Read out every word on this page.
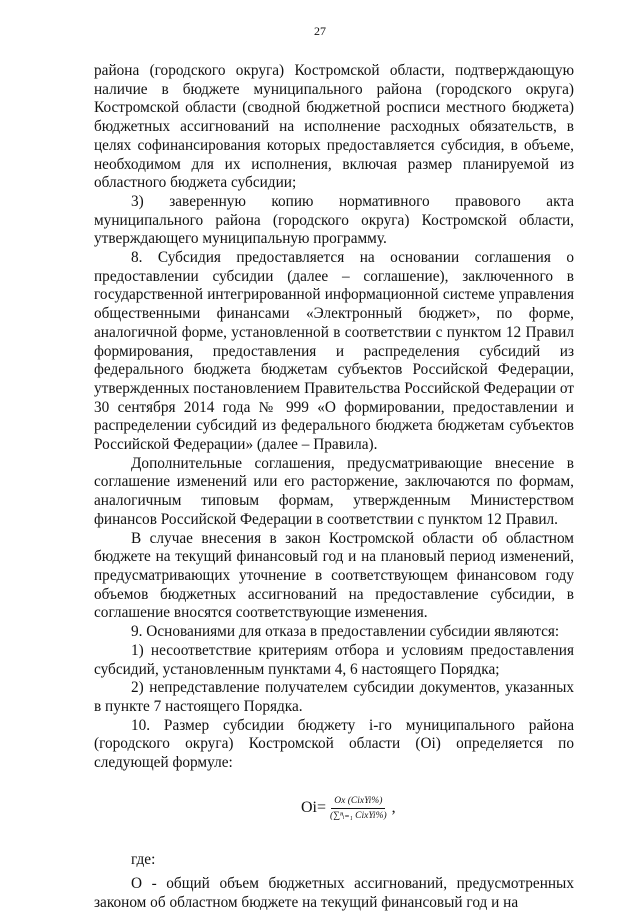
27

района (городского округа) Костромской области, подтверждающую наличие в бюджете муниципального района (городского округа) Костромской области (сводной бюджетной росписи местного бюджета) бюджетных ассигнований на исполнение расходных обязательств, в целях софинансирования которых предоставляется субсидия, в объеме, необходимом для их исполнения, включая размер планируемой из областного бюджета субсидии;

3) заверенную копию нормативного правового акта муниципального района (городского округа) Костромской области, утверждающего муниципальную программу.

8. Субсидия предоставляется на основании соглашения о предоставлении субсидии (далее – соглашение), заключенного в государственной интегрированной информационной системе управления общественными финансами «Электронный бюджет», по форме, аналогичной форме, установленной в соответствии с пунктом 12 Правил формирования, предоставления и распределения субсидий из федерального бюджета бюджетам субъектов Российской Федерации, утвержденных постановлением Правительства Российской Федерации от 30 сентября 2014 года № 999 «О формировании, предоставлении и распределении субсидий из федерального бюджета бюджетам субъектов Российской Федерации» (далее – Правила).

Дополнительные соглашения, предусматривающие внесение в соглашение изменений или его расторжение, заключаются по формам, аналогичным типовым формам, утвержденным Министерством финансов Российской Федерации в соответствии с пунктом 12 Правил.

В случае внесения в закон Костромской области об областном бюджете на текущий финансовый год и на плановый период изменений, предусматривающих уточнение в соответствующем финансовом году объемов бюджетных ассигнований на предоставление субсидии, в соглашение вносятся соответствующие изменения.

9. Основаниями для отказа в предоставлении субсидии являются:

1) несоответствие критериям отбора и условиям предоставления субсидий, установленным пунктами 4, 6 настоящего Порядка;

2) непредставление получателем субсидии документов, указанных в пункте 7 настоящего Порядка.

10. Размер субсидии бюджету i-го муниципального района (городского округа) Костромской области (Oi) определяется по следующей формуле:

$Oi= \frac{\text{Ox (CixYi\%)}}{\text{(∑ⁿᵢ₌₁ CixYi\%)}}$ ,

где:

O - общий объем бюджетных ассигнований, предусмотренных законом об областном бюджете на текущий финансовый год и на
